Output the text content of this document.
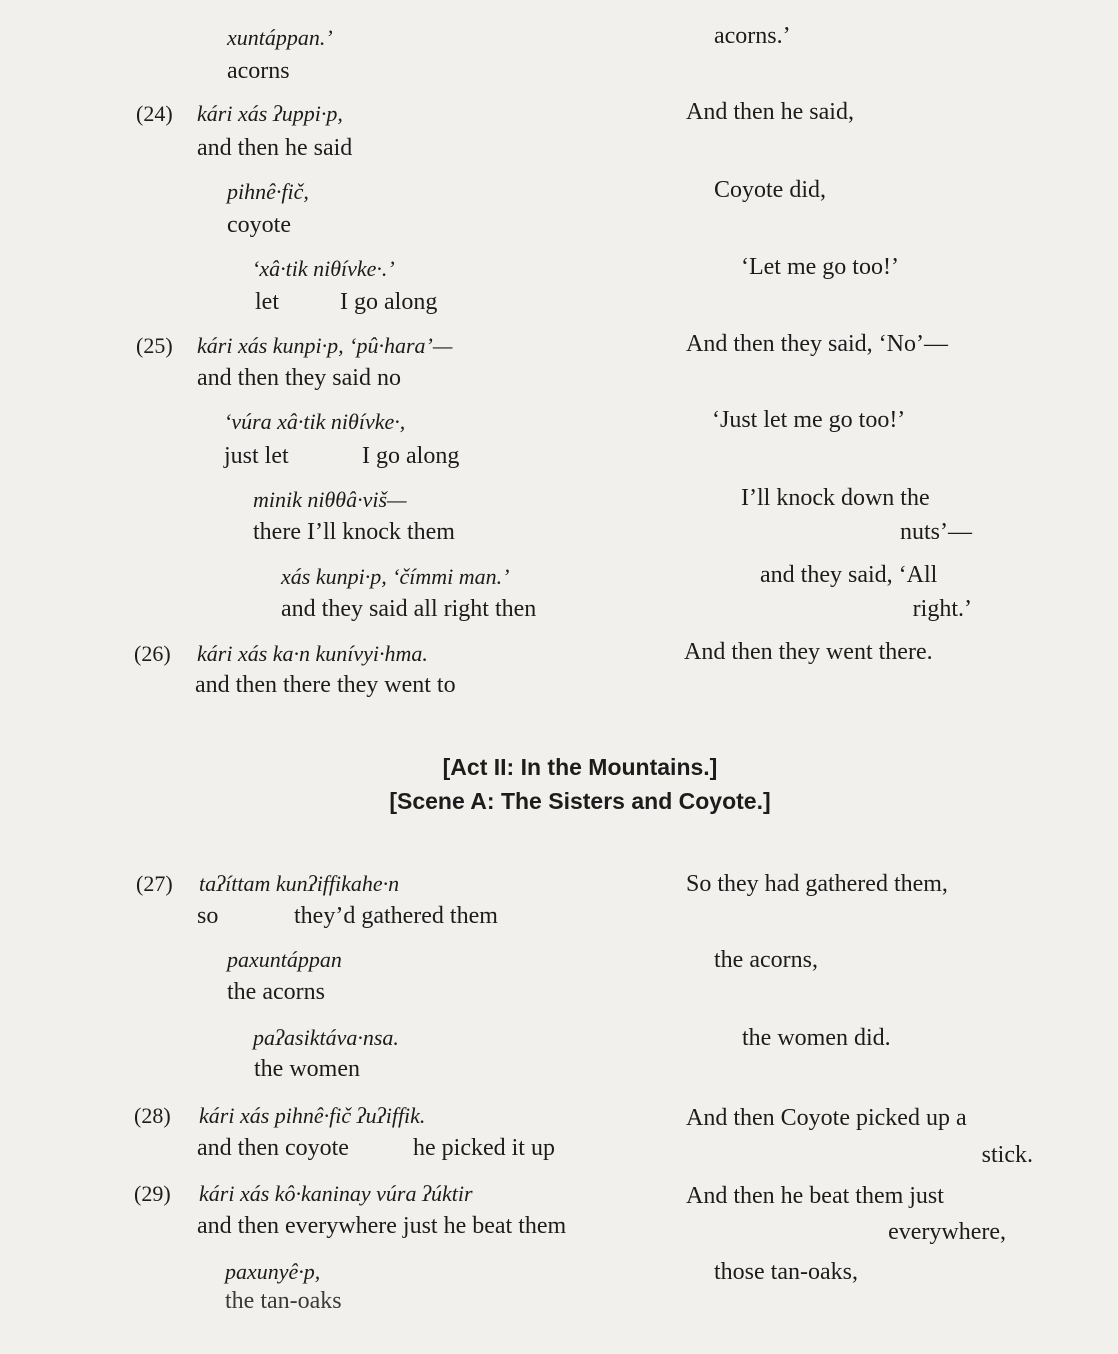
xuntáppan.’	acorns.’
acorns
(24) kári xás ʔuppi·p,	And then he said,
and then he said
pihnê·fič,	Coyote did,
coyote
‘xâ·tik niθívke·.’	‘Let me go too!’
let	I go along
(25) kári xás kunpi·p, ‘pû·hara’—	And then they said, ‘No’—
and then they said no
‘vúra xâ·tik niθívke·,	‘Just let me go too!’
just let	I go along
minik niθθâ·viš—	I’ll knock down the
there I’ll knock them	nuts’—
xás kunpi·p, ‘čímmi man.’	and they said, ‘All
and they said all right then	right.’
(26) kári xás ka·n kunívyi·hma.	And then they went there.
and then there they went to
[Act II: In the Mountains.]
[Scene A: The Sisters and Coyote.]
(27) taʔíttam kunʔiffikahe·n	So they had gathered them,
so	they’d gathered them
paxuntáppan	the acorns,
the acorns
paʔasiktáva·nsa.	the women did.
the women
(28) kári xás pihnê·fič ʔuʔiffik.	And then Coyote picked up a
and then coyote	he picked it up	stick.
(29) kári xás kô·kaninay vúra ʔúktir	And then he beat them just
and then everywhere just he beat them	everywhere,
paxunyê·p,	those tan-oaks,
the tan-oaks
